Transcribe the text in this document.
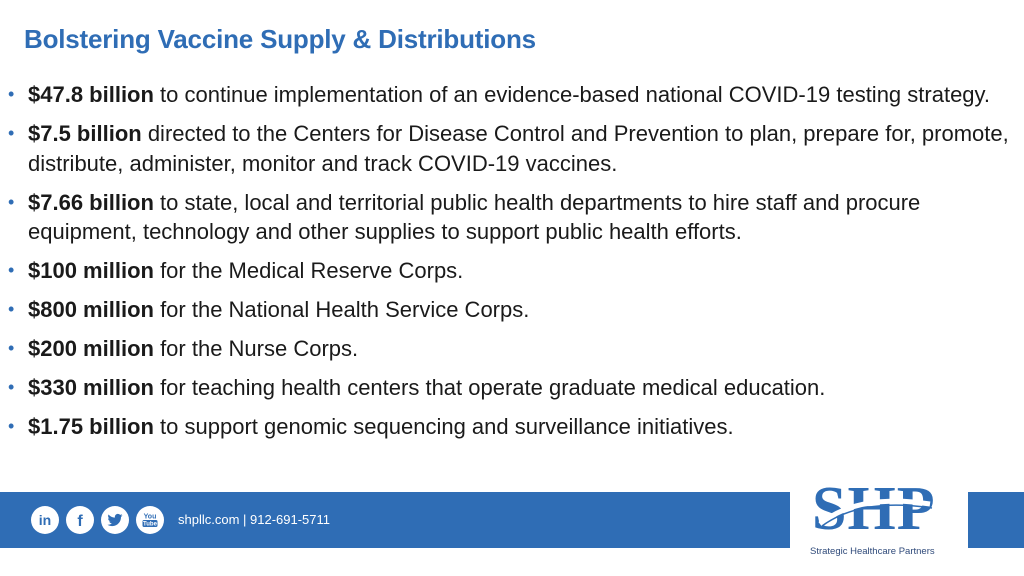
Bolstering Vaccine Supply & Distributions
• $47.8 billion to continue implementation of an evidence-based national COVID-19 testing strategy.
• $7.5 billion directed to the Centers for Disease Control and Prevention to plan, prepare for, promote, distribute, administer, monitor and track COVID-19 vaccines.
• $7.66 billion to state, local and territorial public health departments to hire staff and procure equipment, technology and other supplies to support public health efforts.
• $100 million for the Medical Reserve Corps.
• $800 million for the National Health Service Corps.
• $200 million for the Nurse Corps.
• $330 million for teaching health centers that operate graduate medical education.
• $1.75 billion to support genomic sequencing and surveillance initiatives.
in f	You
Tube shpllc.com | 912-691-5711	SHP
Strategic Healthcare Partners
